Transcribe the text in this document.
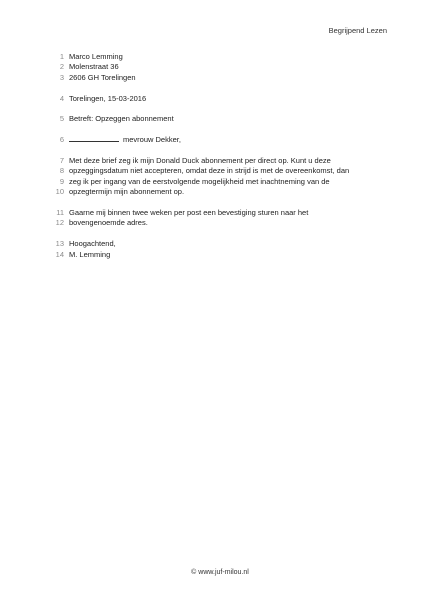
Begrijpend Lezen
1 Marco Lemming
2 Molenstraat 36
3 2606 GH Torelingen
4 Torelingen, 15-03-2016
5 Betreft: Opzeggen abonnement
6	mevrouw Dekker,
7 Met deze brief zeg ik mijn Donald Duck abonnement per direct op. Kunt u deze
8 opzeggingsdatum niet accepteren, omdat deze in strijd is met de overeenkomst, dan
9 zeg ik per ingang van de eerstvolgende mogelijkheid met inachtneming van de
10 opzegtermijn mijn abonnement op.
11 Gaarne mij binnen twee weken per post een bevestiging sturen naar het
12 bovengenoemde adres.
13 Hoogachtend,
14 M. Lemming
© www.juf-milou.nl
